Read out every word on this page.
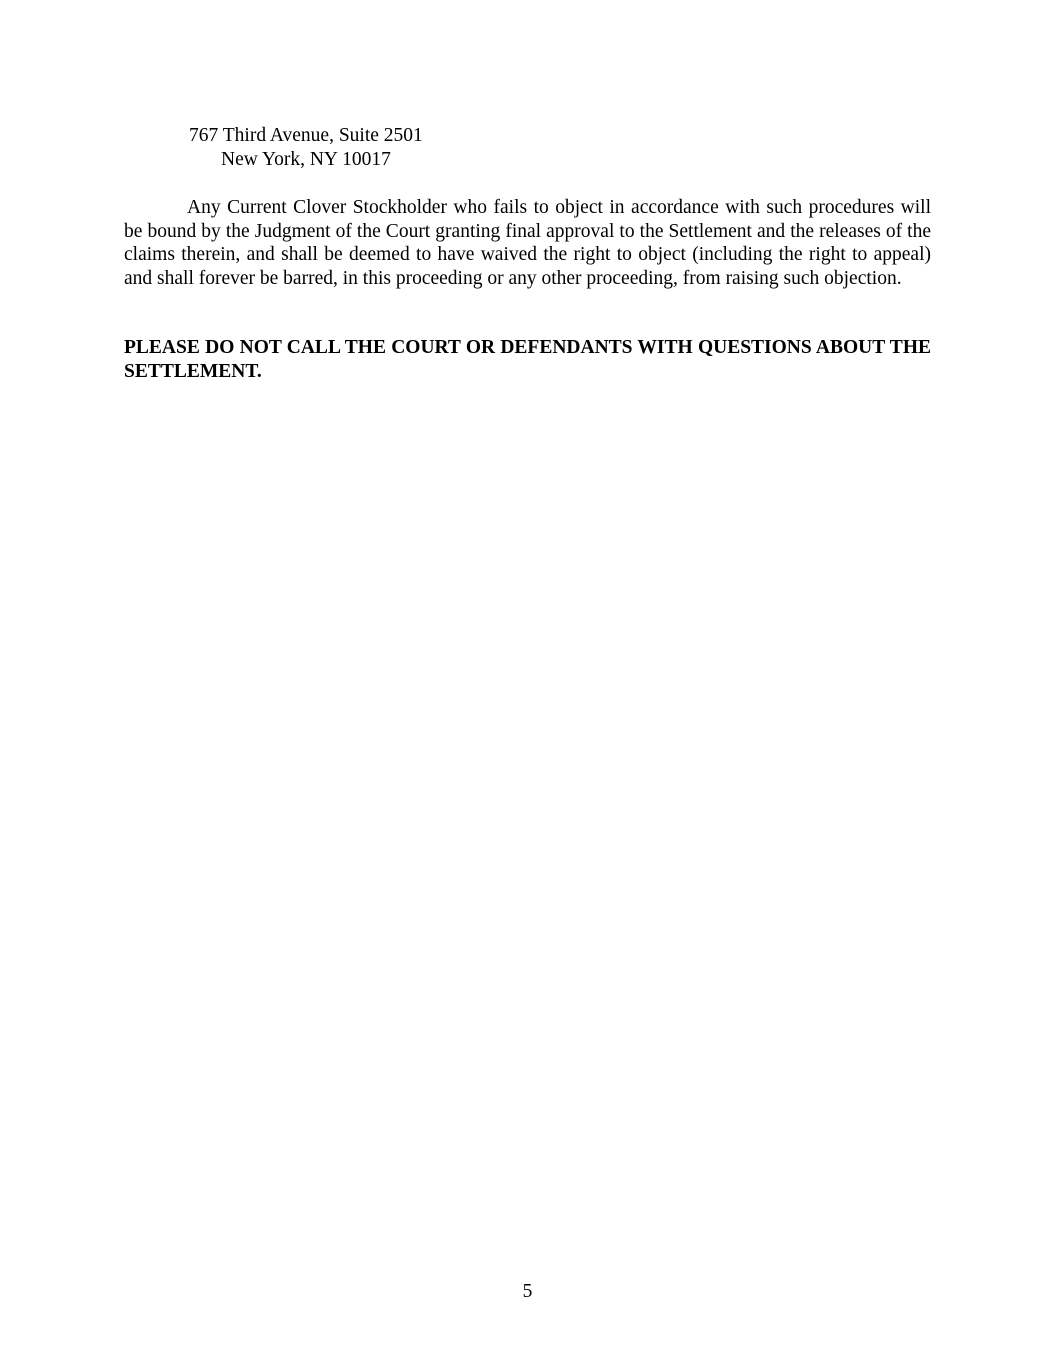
767 Third Avenue, Suite 2501
New York, NY 10017

Any Current Clover Stockholder who fails to object in accordance with such procedures will be bound by the Judgment of the Court granting final approval to the Settlement and the releases of the claims therein, and shall be deemed to have waived the right to object (including the right to appeal) and shall forever be barred, in this proceeding or any other proceeding, from raising such objection.

PLEASE DO NOT CALL THE COURT OR DEFENDANTS WITH QUESTIONS ABOUT THE SETTLEMENT.

5
